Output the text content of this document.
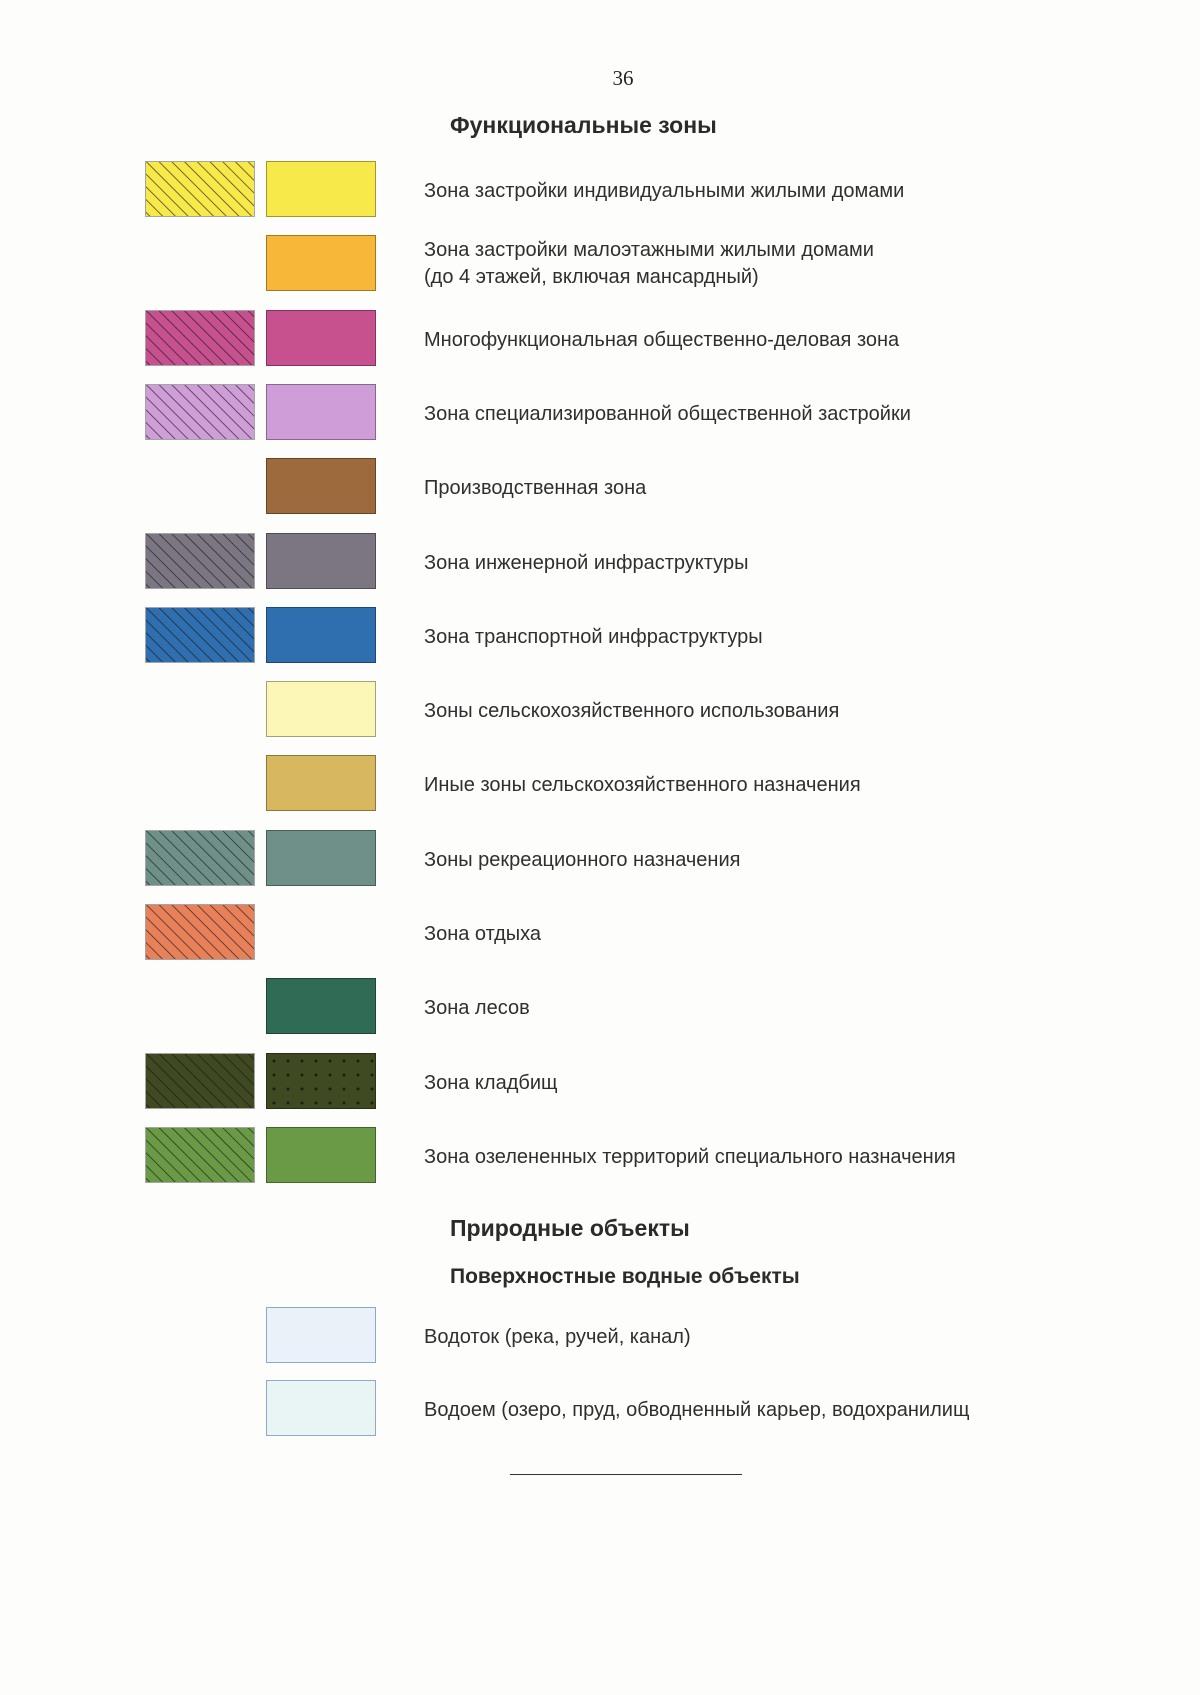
36
Функциональные зоны
Зона застройки индивидуальными жилыми домами
Зона застройки малоэтажными жилыми домами
(до 4 этажей, включая мансардный)
Многофункциональная общественно-деловая зона
Зона специализированной общественной застройки
Производственная зона
Зона инженерной инфраструктуры
Зона транспортной инфраструктуры
Зоны сельскохозяйственного использования
Иные зоны сельскохозяйственного назначения
Зоны рекреационного назначения
Зона отдыха
Зона лесов
Зона кладбищ
Зона озелененных территорий специального назначения
Природные объекты
Поверхностные водные объекты
Водоток (река, ручей, канал)
Водоем (озеро, пруд, обводненный карьер, водохранилищ
